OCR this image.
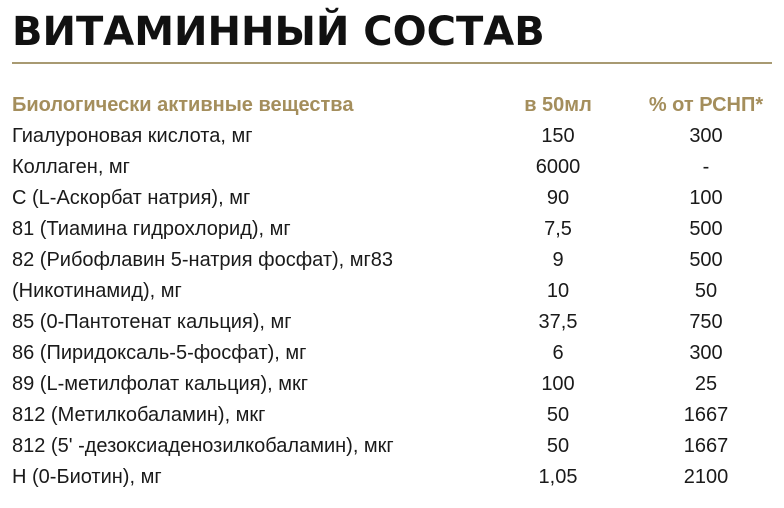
ВИТАМИННЫЙ СОСТАВ
Биологически активные вещества	в 50мл	% от РСНП*
Гиалуроновая кислота, мг	150	300
Коллаген, мг	6000	-
C (L-Аскорбат натрия), мг	90	100
81 (Тиамина гидрохлорид), мг	7,5	500
82 (Рибофлавин 5-натрия фосфат), мг83	9	500
(Никотинамид), мг	10	50
85 (0-Пантотенат кальция), мг	37,5	750
86 (Пиридоксаль-5-фосфат), мг	6	300
89 (L-метилфолат кальция), мкг	100	25
812 (Метилкобаламин), мкг	50	1667
812 (5' -дезоксиаденозилкобаламин), мкг	50	1667
Н (0-Биотин), мг	1,05	2100
